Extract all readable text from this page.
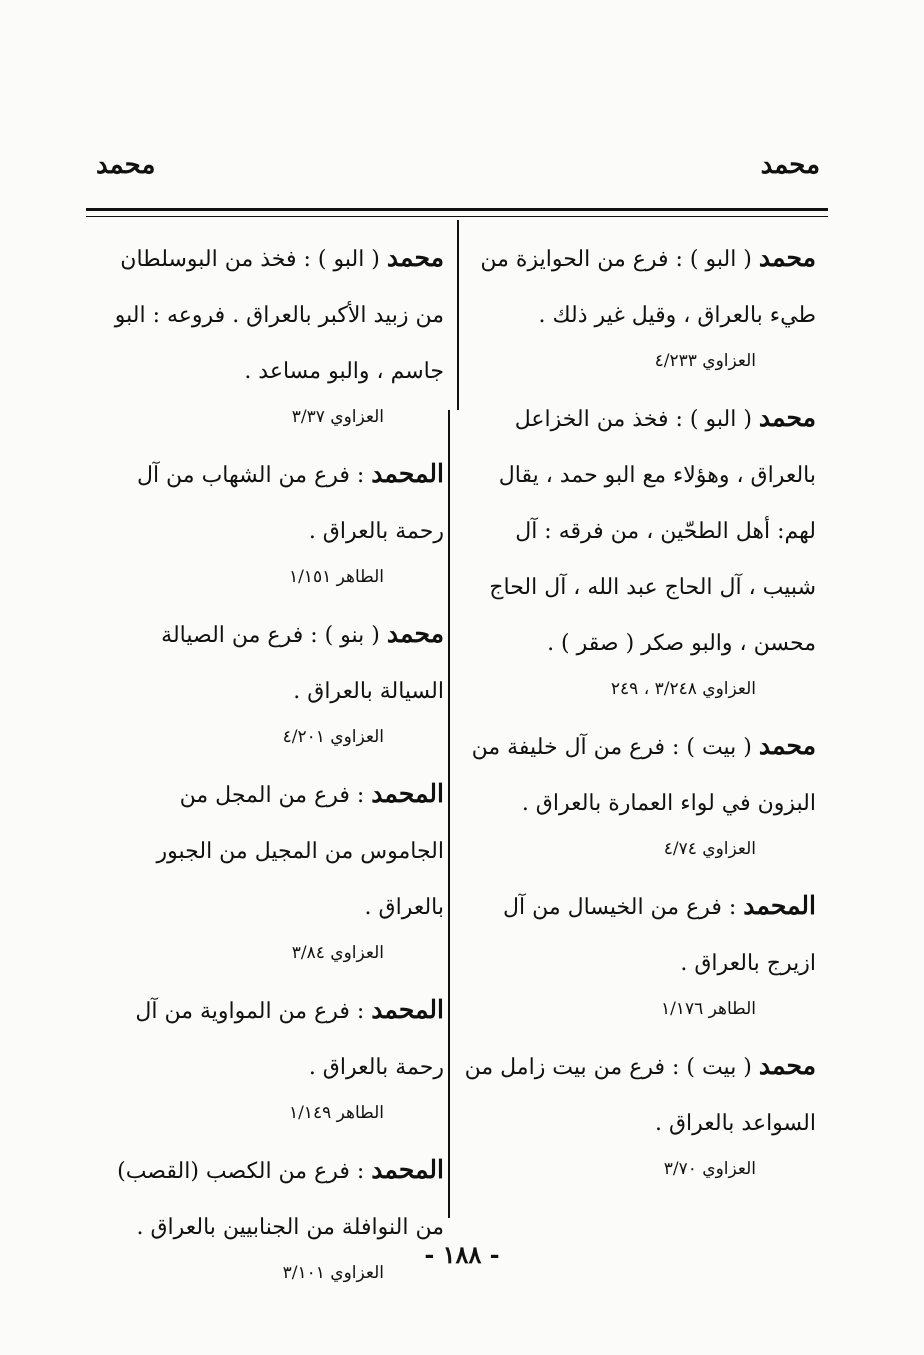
محمد
محمد

محمد ( البو ) : فرع من الحوايزة من طيء بالعراق ، وقيل غير ذلك .

العزاوي ٤/٢٣٣

محمد ( البو ) : فخذ من الخزاعل بالعراق ، وهؤلاء مع البو حمد ، يقال لهم: أهل الطحّين ، من فرقه : آل شبيب ، آل الحاج عبد الله ، آل الحاج محسن ، والبو صكر ( صقر ) .

العزاوي ٣/٢٤٨ ، ٢٤٩

محمد ( بيت ) : فرع من آل خليفة من البزون في لواء العمارة بالعراق .

العزاوي ٤/٧٤

المحمد : فرع من الخيسال من آل ازيرج بالعراق .

الطاهر ١/١٧٦

محمد ( بيت ) : فرع من بيت زامل من السواعد بالعراق .

العزاوي ٣/٧٠

محمد ( البو ) : فخذ من البوسلطان من زبيد الأكبر بالعراق . فروعه : البو جاسم ، والبو مساعد .

العزاوي ٣/٣٧

المحمد : فرع من الشهاب من آل رحمة بالعراق .

الطاهر ١/١٥١

محمد ( بنو ) : فرع من الصيالة السيالة بالعراق .

العزاوي ٤/٢٠١

المحمد : فرع من المجل من الجاموس من المجيل من الجبور بالعراق .

العزاوي ٣/٨٤

المحمد : فرع من المواوية من آل رحمة بالعراق .

الطاهر ١/١٤٩

المحمد : فرع من الكصب (القصب) من النوافلة من الجنابيين بالعراق .

العزاوي ٣/١٠١
- ١٨٨ -
